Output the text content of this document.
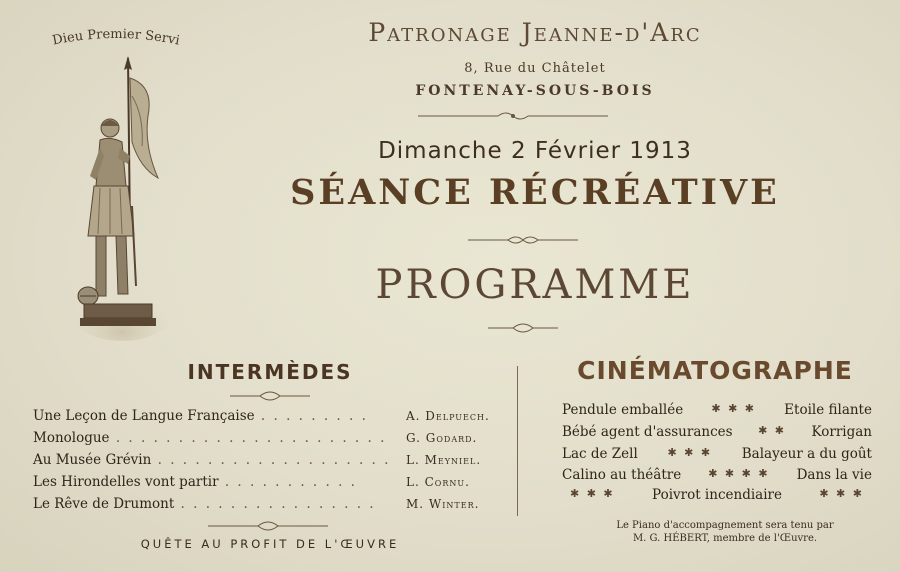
Dieu Premier Servi	Patronage Jeanne-d'Arc
8, Rue du Châtelet
FONTENAY-SOUS-BOIS
Dimanche 2 Février 1913
SÉANCE RÉCRÉATIVE
PROGRAMME
INTERMÈDES
Une Leçon de Langue Française . . . . . . . . .	A. Delpuech.
Monologue . . . . . . . . . . . . . . . . . . . . . .	G. Godard.
Au Musée Grévin . . . . . . . . . . . . . . . . . . .	L. Meyniel.
Les Hirondelles vont partir . . . . . . . . . . .	L. Cornu.
Le Rêve de Drumont . . . . . . . . . . . . . . . .	M. Winter.
QUÊTE AU PROFIT DE L'ŒUVRE
CINÉMATOGRAPHE
Pendule emballée	✱ ✱ ✱ Etoile filante
Bébé agent d'assurances ✱ ✱ Korrigan
Lac de Zell	✱ ✱ ✱ Balayeur a du goût
Calino au théâtre ✱ ✱ ✱ ✱ Dans la vie
✱ ✱ ✱	Poivrot incendiaire	✱ ✱ ✱
Le Piano d'accompagnement sera tenu par
M. G. HÉBERT, membre de l'Œuvre.
